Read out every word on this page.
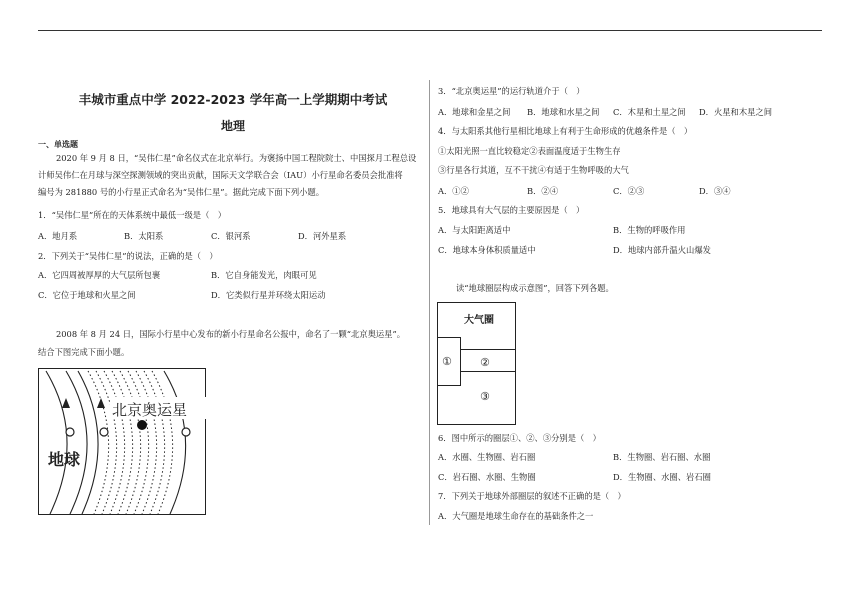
丰城市重点中学 2022-2023 学年高一上学期期中考试
地理
一、单选题
2020 年 9 月 8 日，“吴伟仁星”命名仪式在北京举行。为褒扬中国工程院院士、中国探月工程总设
计师吴伟仁在月球与深空探测领域的突出贡献，国际天文学联合会（IAU）小行星命名委员会批准将
编号为 281880 号的小行星正式命名为“吴伟仁星”。据此完成下面下列小题。
1．“吴伟仁星”所在的天体系统中最低一级是（　）
A．地月系	B．太阳系	C．银河系	D．河外星系
2．下列关于“吴伟仁星”的说法，正确的是（　）
A．它四周被厚厚的大气层所包裹	B．它自身能发光，肉眼可见
C．它位于地球和火星之间	D．它类似行星并环绕太阳运动
2008 年 8 月 24 日，国际小行星中心发布的新小行星命名公报中，命名了一颗“北京奥运星”。
结合下图完成下面小题。
北京奥运星
地球
3．“北京奥运星”的运行轨道介于（　）
A．地球和金星之间 B．地球和水星之间 C．木星和土星之间 D．火星和木星之间
4．与太阳系其他行星相比地球上有利于生命形成的优越条件是（　）
①太阳光照一直比较稳定②表面温度适于生物生存
③行星各行其道，互不干扰④有适于生物呼吸的大气
A．①②	B．②④	C．②③	D．③④
5．地球具有大气层的主要原因是（　）
A．与太阳距离适中	B．生物的呼吸作用
C．地球本身体积质量适中	D．地球内部升温火山爆发
读“地球圈层构成示意图”，回答下列各题。
大气圈
①	②
③
6．图中所示的圈层①、②、③分别是（　）
A．水圈、生物圈、岩石圈	B．生物圈、岩石圈、水圈
C．岩石圈、水圈、生物圈	D．生物圈、水圈、岩石圈
7．下列关于地球外部圈层的叙述不正确的是（　）
A．大气圈是地球生命存在的基础条件之一
